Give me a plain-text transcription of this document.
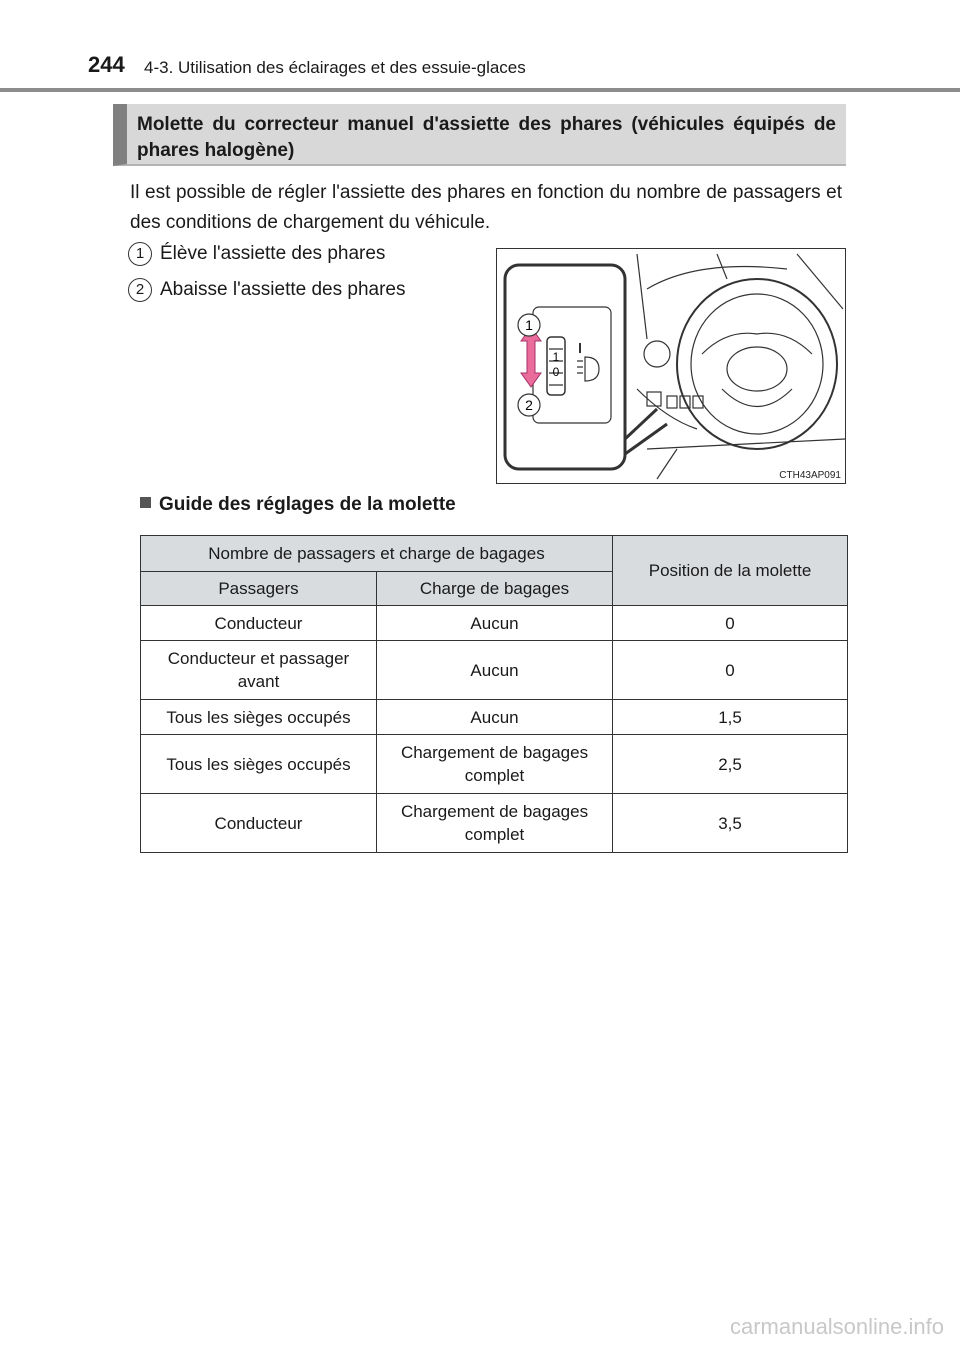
244 4-3. Utilisation des éclairages et des essuie-glaces
Molette du correcteur manuel d'assiette des phares (véhicules équipés de phares halogène)
Il est possible de régler l'assiette des phares en fonction du nombre de passagers et des conditions de chargement du véhicule.
1 Élève l'assiette des phares
2 Abaisse l'assiette des phares
1
2
1
0
CTH43AP091
Guide des réglages de la molette
Nombre de passagers et charge de bagages		Position de la molette
Passagers	Charge de bagages	
Conducteur	Aucun	0
Conducteur et passager avant	Aucun	0
Tous les sièges occupés	Aucun	1,5
Tous les sièges occupés	Chargement de bagages complet	2,5
Conducteur	Chargement de bagages complet	3,5
carmanualsonline.info
